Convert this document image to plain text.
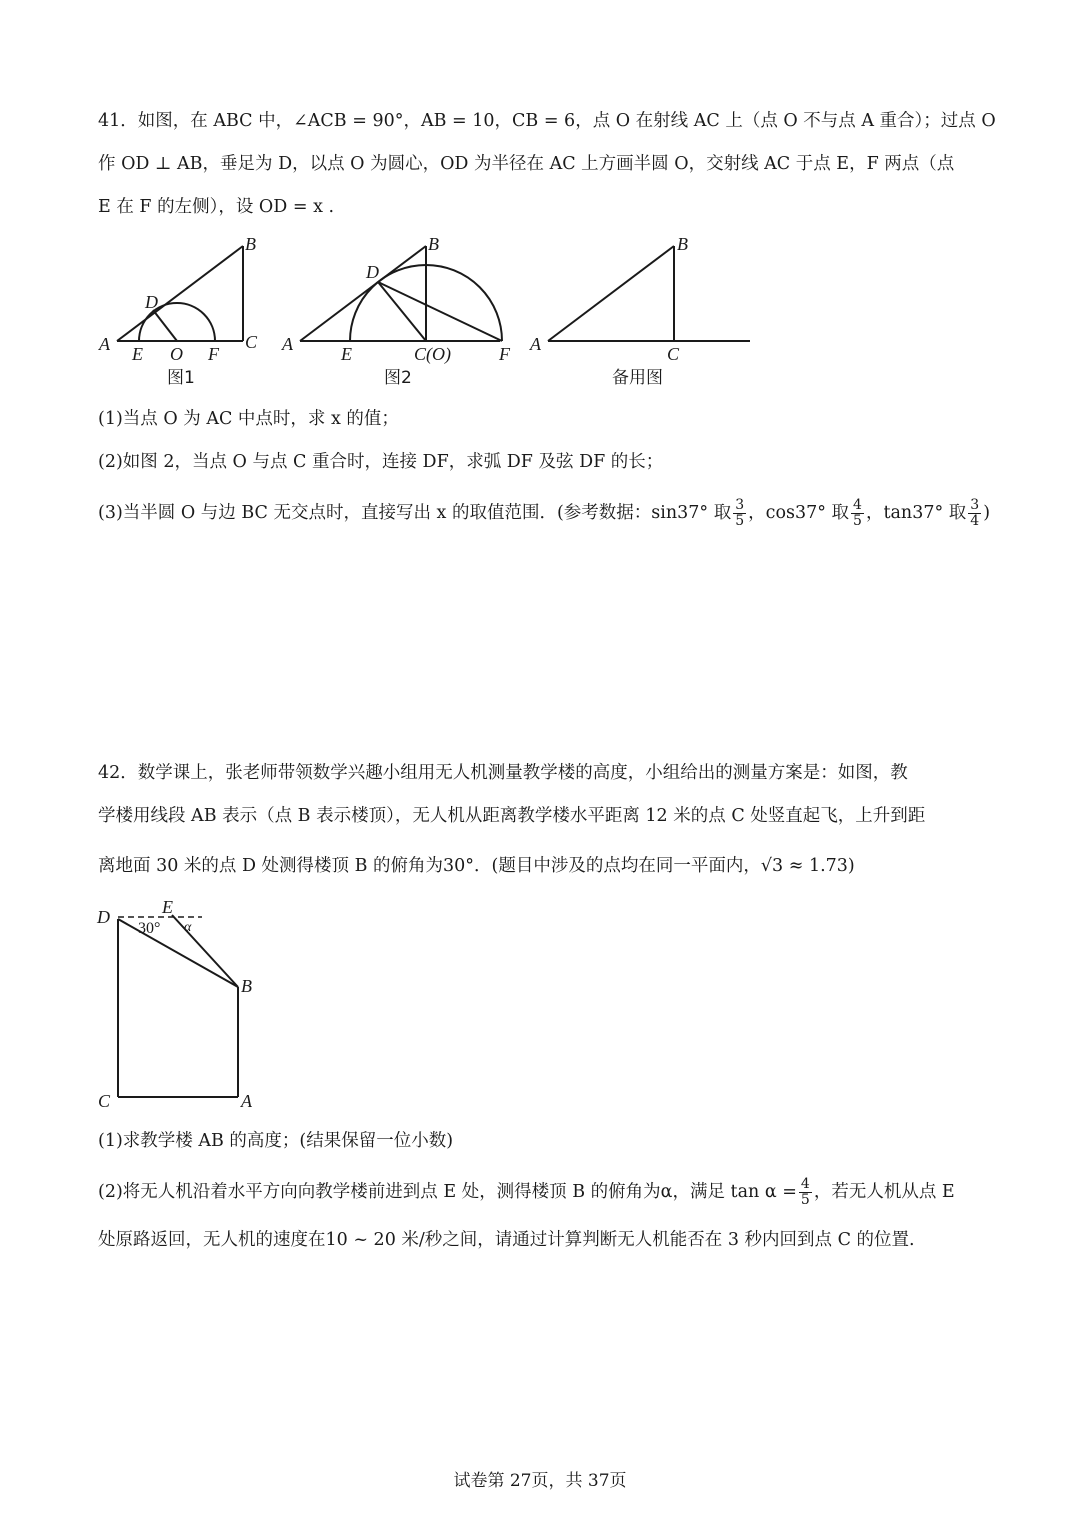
41．如图，在 ABC 中，∠ACB = 90°，AB = 10，CB = 6，点 O 在射线 AC 上（点 O 不与点 A 重合）；过点 O
作 OD ⊥ AB，垂足为 D，以点 O 为圆心，OD 为半径在 AC 上方画半圆 O，交射线 AC 于点 E，F 两点（点
E 在 F 的左侧），设 OD = x .
B
C
A
D
E O F
图1
B
A
D
E	C(O)	F
图2
B
A	C
备用图
(1)当点 O 为 AC 中点时，求 x 的值；
(2)如图 2，当点 O 与点 C 重合时，连接 DF，求弧 DF 及弦 DF 的长；
(3)当半圆 O 与边 BC 无交点时，直接写出 x 的取值范围．(参考数据：sin37° 取 $\frac{3}{5}$ ，cos37° 取 $\frac{4}{5}$ ，tan37° 取 $\frac{3}{4}$ )
42．数学课上，张老师带领数学兴趣小组用无人机测量教学楼的高度，小组给出的测量方案是：如图，教
学楼用线段 AB 表示（点 B 表示楼顶），无人机从距离教学楼水平距离 12 米的点 C 处竖直起飞，上升到距
离地面 30 米的点 D 处测得楼顶 B 的俯角为30°．(题目中涉及的点均在同一平面内，√3 ≈ 1.73)
D	E
30° α
B
C	A
(1)求教学楼 AB 的高度；(结果保留一位小数)
(2)将无人机沿着水平方向向教学楼前进到点 E 处，测得楼顶 B 的俯角为α，满足 $\tan \alpha = \frac{4}{5}$ ，若无人机从点 E
处原路返回，无人机的速度在10 ~ 20 米/秒之间，请通过计算判断无人机能否在 3 秒内回到点 C 的位置.
试卷第 27页，共 37页
